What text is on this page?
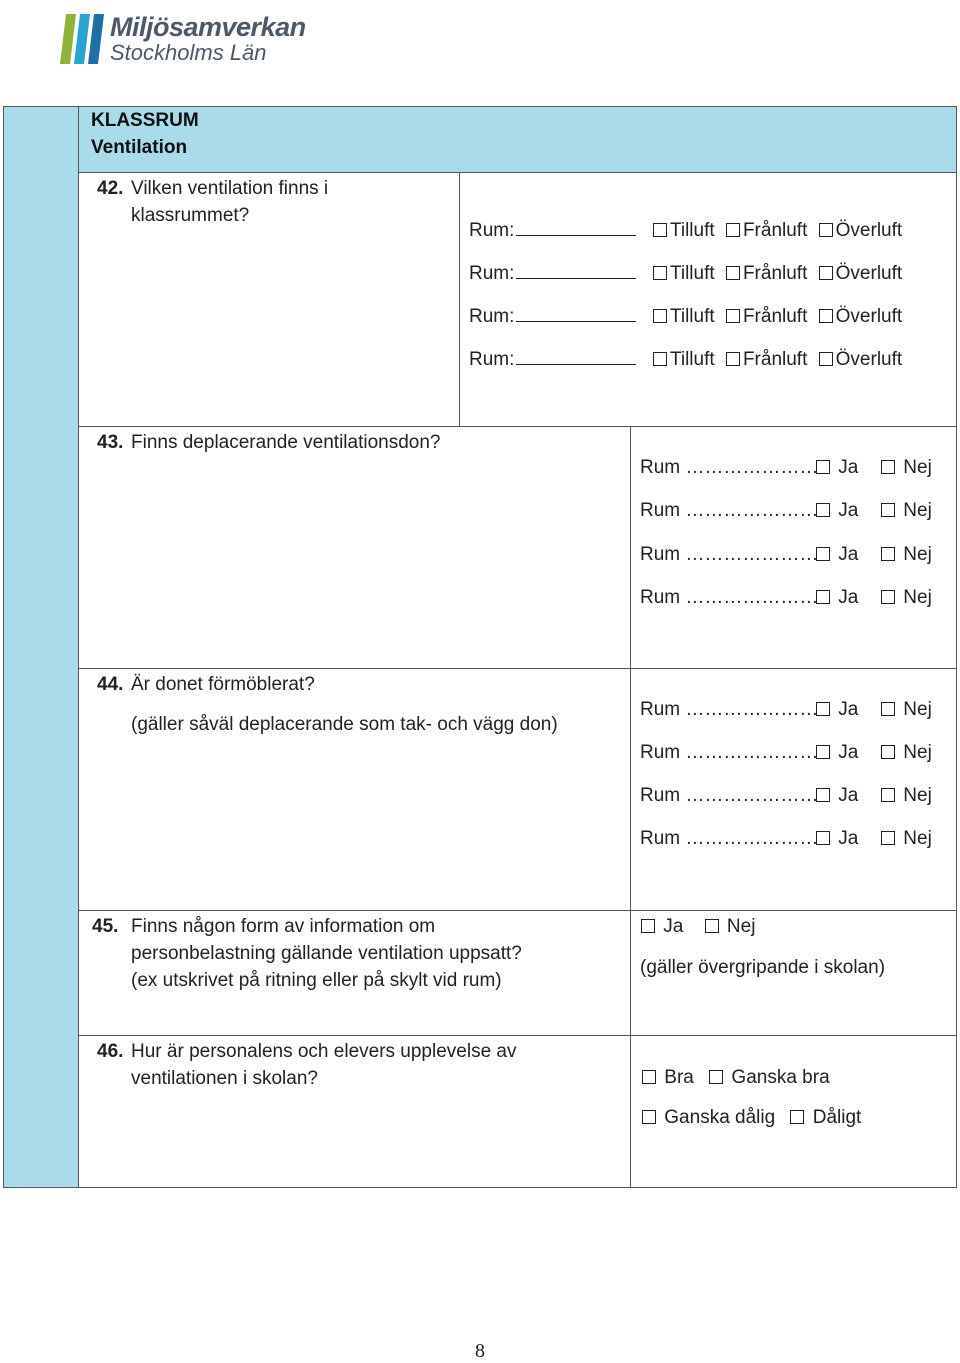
Miljösamverkan
Stockholms Län
KLASSRUM
Ventilation
42. Vilken ventilation finns i
klassrummet?
Rum:	Tilluft Frånluft Överluft
Rum:	Tilluft Frånluft Överluft
Rum:	Tilluft Frånluft Överluft
Rum:	Tilluft Frånluft Överluft
43. Finns deplacerande ventilationsdon?
Rum …………………	Ja	Nej
Rum …………………	Ja	Nej
Rum …………………	Ja	Nej
Rum …………………	Ja	Nej
44. Är donet förmöblerat?
(gäller såväl deplacerande som tak- och vägg don)
Rum …………………	Ja	Nej
Rum …………………	Ja	Nej
Rum …………………	Ja	Nej
Rum …………………	Ja	Nej
45. Finns någon form av information om
personbelastning gällande ventilation uppsatt?
(ex utskrivet på ritning eller på skylt vid rum)
Ja Nej
(gäller övergripande i skolan)
46. Hur är personalens och elevers upplevelse av
ventilationen i skolan?	Bra Ganska bra
Ganska dålig Dåligt
8
